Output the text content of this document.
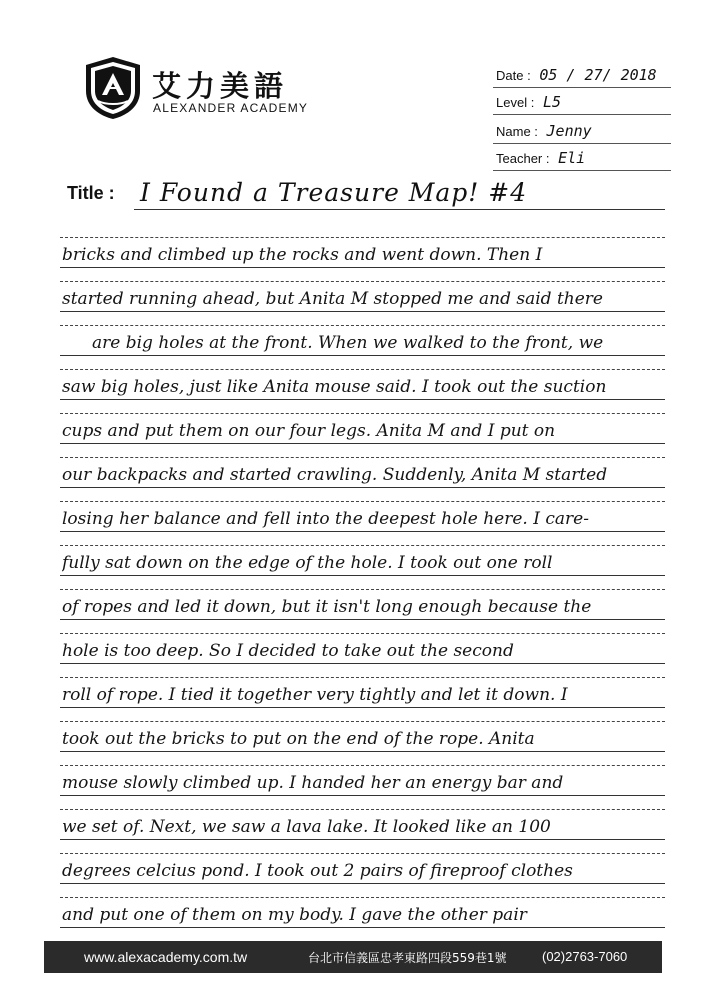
艾力美語
ALEXANDER ACADEMY
Date : 05 / 27/ 2018
Level : L5
Name : Jenny
Teacher : Eli
Title : I Found a Treasure Map! #4
bricks and climbed up the rocks and went down. Then I
started running ahead, but Anita M stopped me and said there
are big holes at the front. When we walked to the front, we
saw big holes, just like Anita mouse said. I took out the suction
cups and put them on our four legs. Anita M and I put on
our backpacks and started crawling. Suddenly, Anita M started
losing her balance and fell into the deepest hole here. I care-
fully sat down on the edge of the hole. I took out one roll
of ropes and led it down, but it isn't long enough because the
hole is too deep. So I decided to take out the second
roll of rope. I tied it together very tightly and let it down. I
took out the bricks to put on the end of the rope. Anita
mouse slowly climbed up. I handed her an energy bar and
we set of. Next, we saw a lava lake. It looked like an 100
degrees celcius pond. I took out 2 pairs of fireproof clothes
and put one of them on my body. I gave the other pair
www.alexacademy.com.tw	台北市信義區忠孝東路四段559巷1號	(02)2763-7060
